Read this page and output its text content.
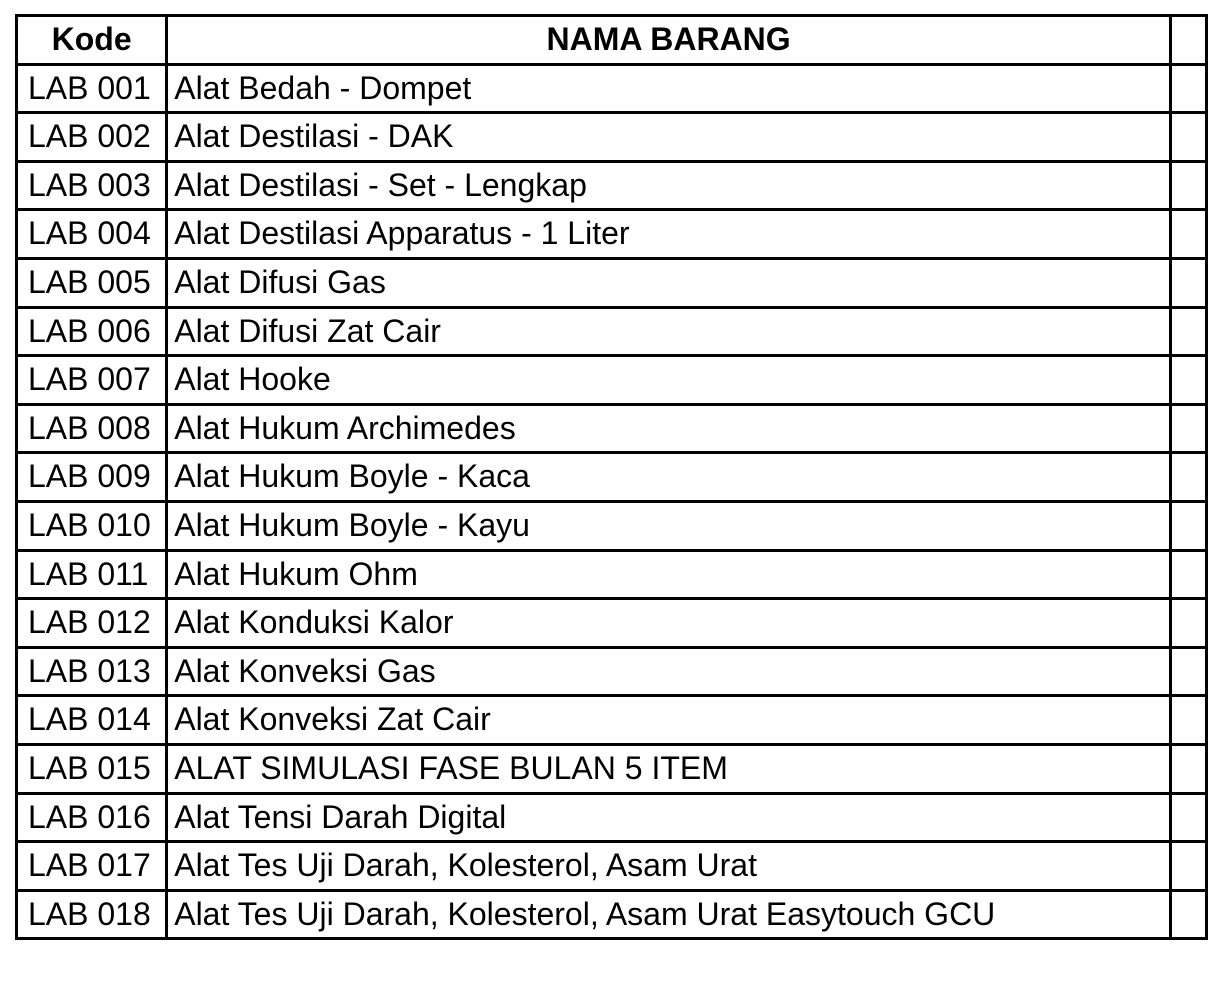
Kode	NAMA BARANG	
LAB 001	Alat Bedah - Dompet	
LAB 002	Alat Destilasi - DAK	
LAB 003	Alat Destilasi - Set - Lengkap	
LAB 004	Alat Destilasi Apparatus - 1 Liter	
LAB 005	Alat Difusi Gas	
LAB 006	Alat Difusi Zat Cair	
LAB 007	Alat Hooke	
LAB 008	Alat Hukum Archimedes	
LAB 009	Alat Hukum Boyle - Kaca	
LAB 010	Alat Hukum Boyle - Kayu	
LAB 011	Alat Hukum Ohm	
LAB 012	Alat Konduksi Kalor	
LAB 013	Alat Konveksi Gas	
LAB 014	Alat Konveksi Zat Cair	
LAB 015	ALAT SIMULASI FASE BULAN 5 ITEM	
LAB 016	Alat Tensi Darah Digital	
LAB 017	Alat Tes Uji Darah, Kolesterol, Asam Urat	
LAB 018	Alat Tes Uji Darah, Kolesterol, Asam Urat Easytouch GCU	
